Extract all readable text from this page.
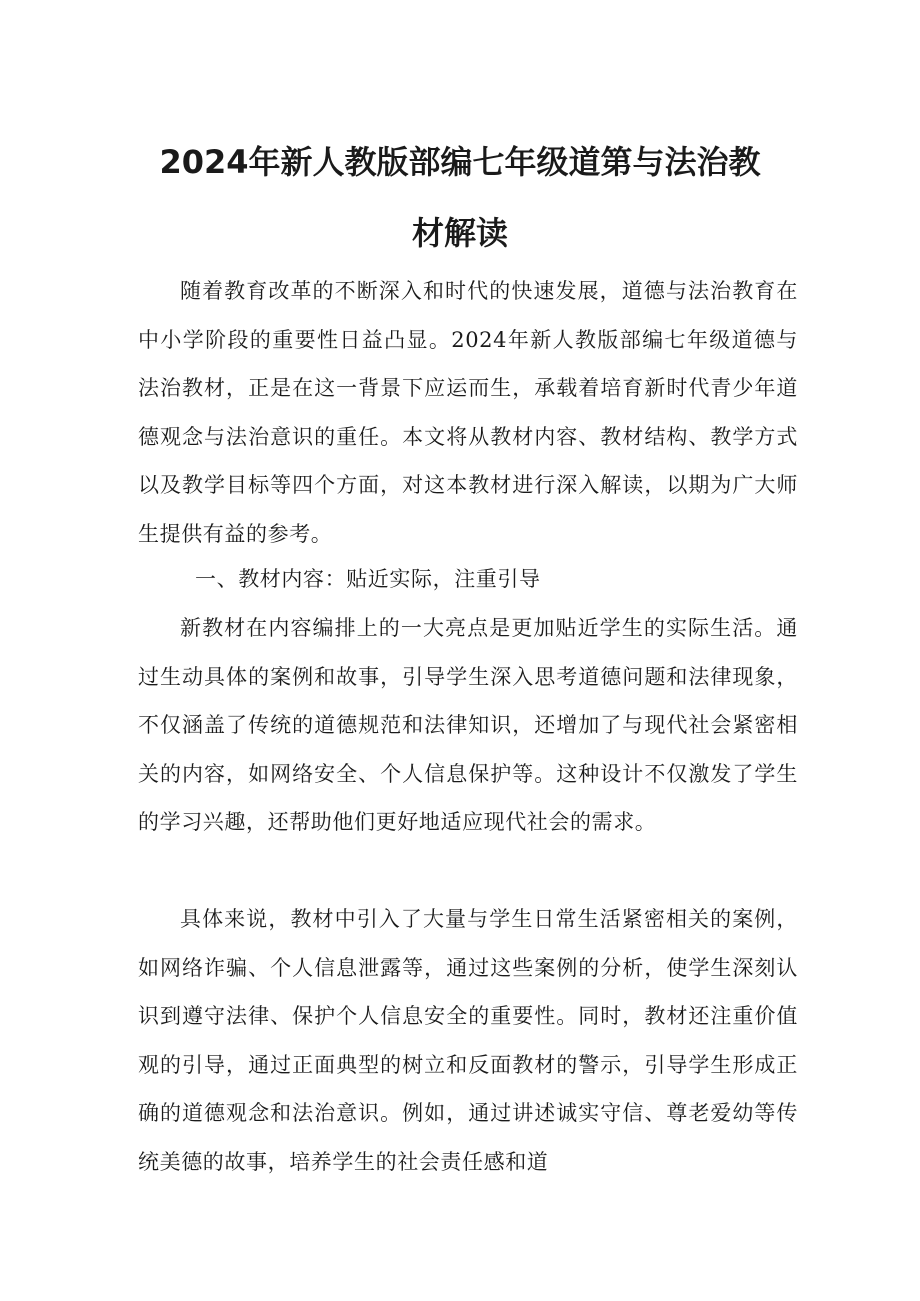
2024年新人教版部编七年级道第与法治教
材解读

随着教育改革的不断深入和时代的快速发展，道德与法治教育在中小学阶段的重要性日益凸显。2024年新人教版部编七年级道德与法治教材，正是在这一背景下应运而生，承载着培育新时代青少年道德观念与法治意识的重任。本文将从教材内容、教材结构、教学方式以及教学目标等四个方面，对这本教材进行深入解读，以期为广大师生提供有益的参考。

一、教材内容：贴近实际，注重引导

新教材在内容编排上的一大亮点是更加贴近学生的实际生活。通过生动具体的案例和故事，引导学生深入思考道德问题和法律现象，不仅涵盖了传统的道德规范和法律知识，还增加了与现代社会紧密相关的内容，如网络安全、个人信息保护等。这种设计不仅激发了学生的学习兴趣，还帮助他们更好地适应现代社会的需求。

具体来说，教材中引入了大量与学生日常生活紧密相关的案例，如网络诈骗、个人信息泄露等，通过这些案例的分析，使学生深刻认识到遵守法律、保护个人信息安全的重要性。同时，教材还注重价值观的引导，通过正面典型的树立和反面教材的警示，引导学生形成正确的道德观念和法治意识。例如，通过讲述诚实守信、尊老爱幼等传统美德的故事，培养学生的社会责任感和道
